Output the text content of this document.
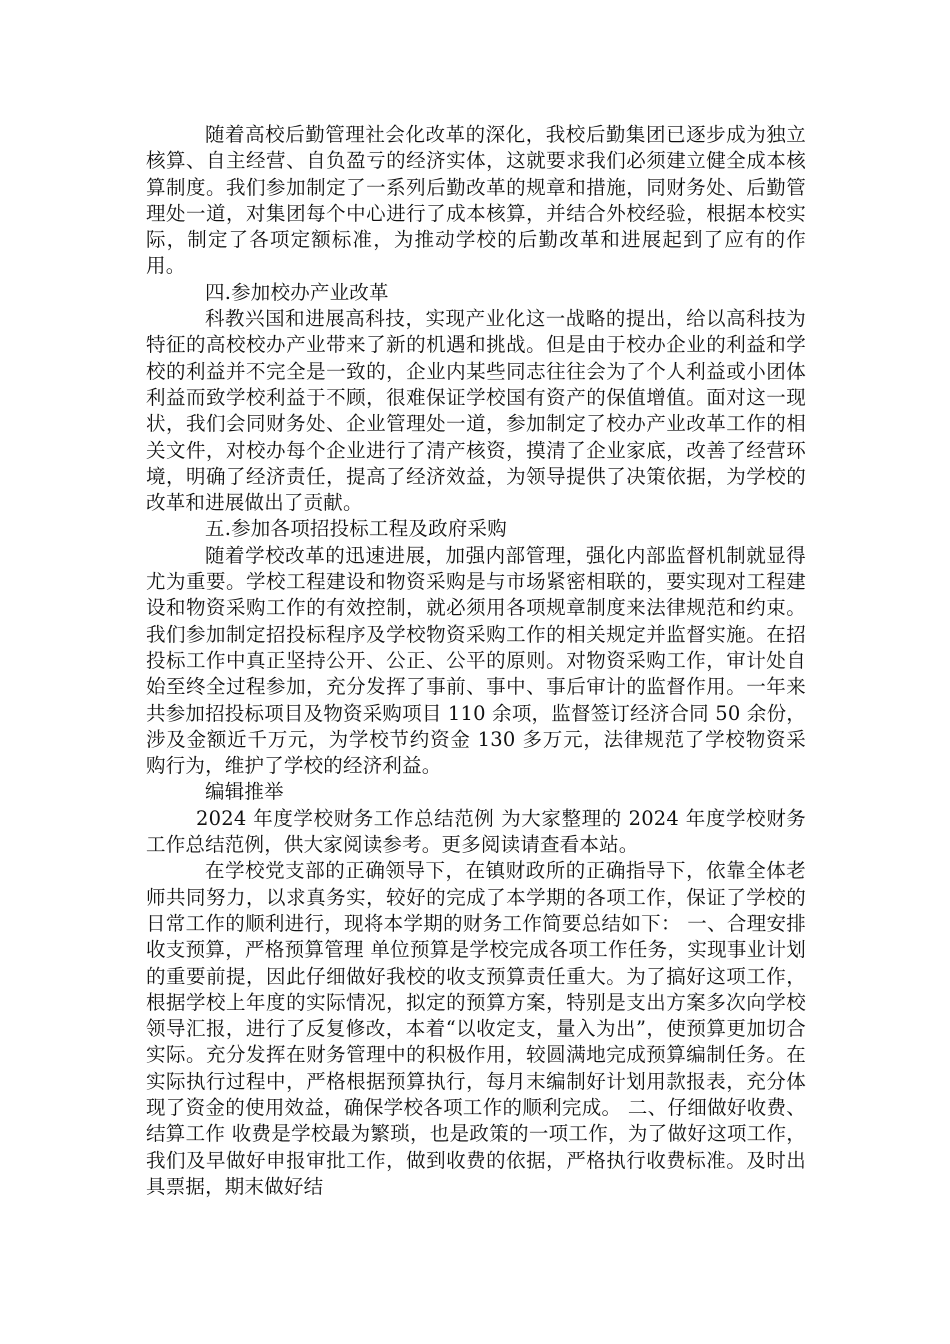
随着高校后勤管理社会化改革的深化，我校后勤集团已逐步成为独立核算、自主经营、自负盈亏的经济实体，这就要求我们必须建立健全成本核算制度。我们参加制定了一系列后勤改革的规章和措施，同财务处、后勤管理处一道，对集团每个中心进行了成本核算，并结合外校经验，根据本校实际，制定了各项定额标准，为推动学校的后勤改革和进展起到了应有的作用。

四.参加校办产业改革

科教兴国和进展高科技，实现产业化这一战略的提出，给以高科技为特征的高校校办产业带来了新的机遇和挑战。但是由于校办企业的利益和学校的利益并不完全是一致的，企业内某些同志往往会为了个人利益或小团体利益而致学校利益于不顾，很难保证学校国有资产的保值增值。面对这一现状，我们会同财务处、企业管理处一道，参加制定了校办产业改革工作的相关文件，对校办每个企业进行了清产核资，摸清了企业家底，改善了经营环境，明确了经济责任，提高了经济效益，为领导提供了决策依据，为学校的改革和进展做出了贡献。

五.参加各项招投标工程及政府采购

随着学校改革的迅速进展，加强内部管理，强化内部监督机制就显得尤为重要。学校工程建设和物资采购是与市场紧密相联的，要实现对工程建设和物资采购工作的有效控制，就必须用各项规章制度来法律规范和约束。我们参加制定招投标程序及学校物资采购工作的相关规定并监督实施。在招投标工作中真正坚持公开、公正、公平的原则。对物资采购工作，审计处自始至终全过程参加，充分发挥了事前、事中、事后审计的监督作用。一年来共参加招投标项目及物资采购项目 110 余项，监督签订经济合同 50 余份，涉及金额近千万元，为学校节约资金 130 多万元，法律规范了学校物资采购行为，维护了学校的经济利益。

编辑推举

2024 年度学校财务工作总结范例 为大家整理的 2024 年度学校财务工作总结范例，供大家阅读参考。更多阅读请查看本站。

在学校党支部的正确领导下，在镇财政所的正确指导下，依靠全体老师共同努力，以求真务实，较好的完成了本学期的各项工作，保证了学校的日常工作的顺利进行，现将本学期的财务工作简要总结如下： 一、合理安排收支预算，严格预算管理 单位预算是学校完成各项工作任务，实现事业计划的重要前提，因此仔细做好我校的收支预算责任重大。为了搞好这项工作，根据学校上年度的实际情况，拟定的预算方案，特别是支出方案多次向学校领导汇报，进行了反复修改，本着“以收定支，量入为出”，使预算更加切合实际。充分发挥在财务管理中的积极作用，较圆满地完成预算编制任务。在实际执行过程中，严格根据预算执行，每月末编制好计划用款报表，充分体现了资金的使用效益，确保学校各项工作的顺利完成。 二、仔细做好收费、结算工作 收费是学校最为繁琐，也是政策的一项工作，为了做好这项工作，我们及早做好申报审批工作，做到收费的依据，严格执行收费标准。及时出具票据，期末做好结
